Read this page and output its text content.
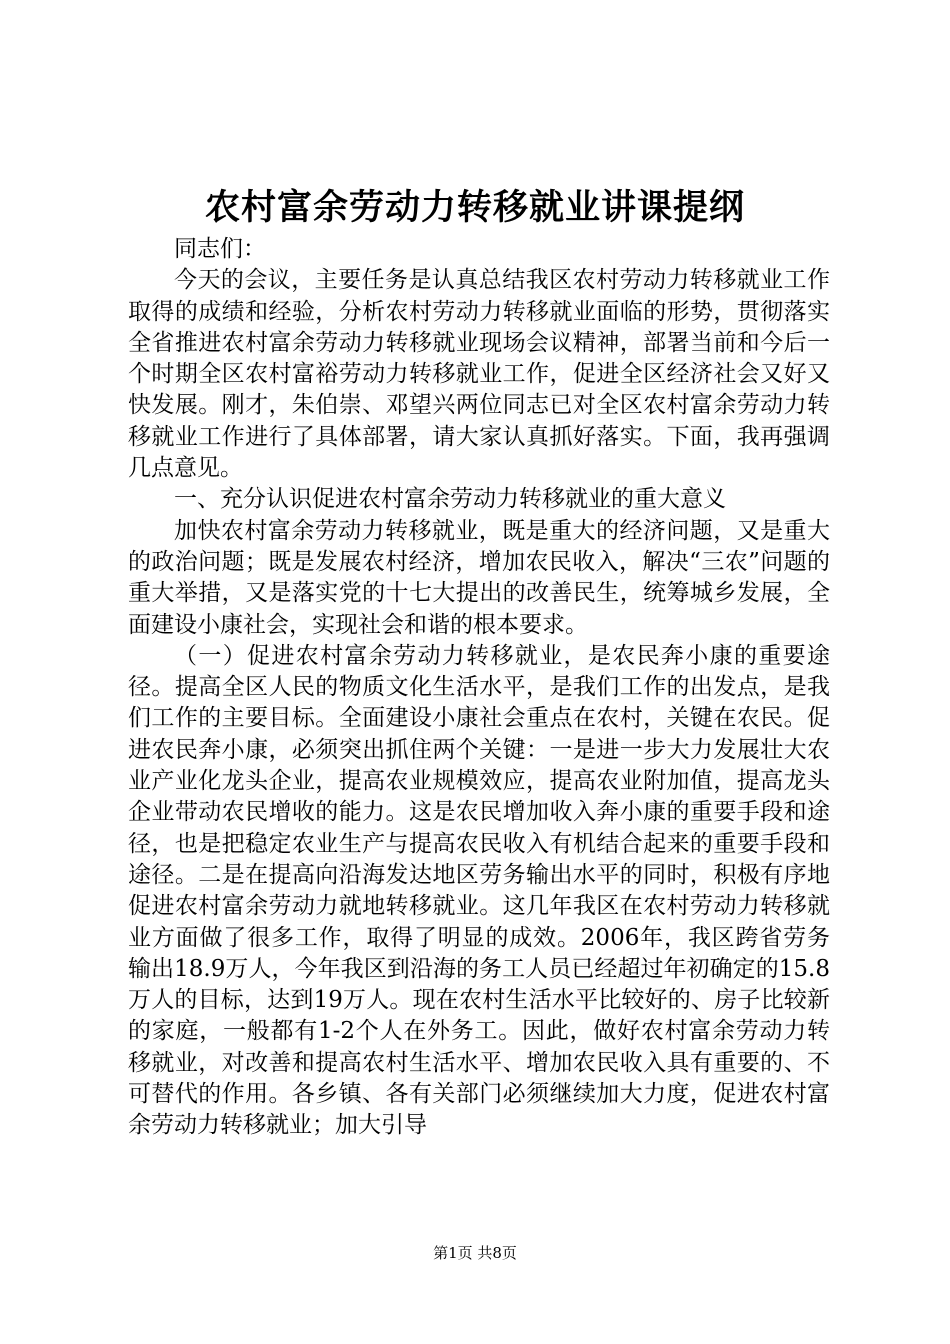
农村富余劳动力转移就业讲课提纲

同志们：

今天的会议，主要任务是认真总结我区农村劳动力转移就业工作取得的成绩和经验，分析农村劳动力转移就业面临的形势，贯彻落实全省推进农村富余劳动力转移就业现场会议精神，部署当前和今后一个时期全区农村富裕劳动力转移就业工作，促进全区经济社会又好又快发展。刚才，朱伯崇、邓望兴两位同志已对全区农村富余劳动力转移就业工作进行了具体部署，请大家认真抓好落实。下面，我再强调几点意见。

一、充分认识促进农村富余劳动力转移就业的重大意义

加快农村富余劳动力转移就业，既是重大的经济问题，又是重大的政治问题；既是发展农村经济，增加农民收入，解决“三农”问题的重大举措，又是落实党的十七大提出的改善民生，统筹城乡发展，全面建设小康社会，实现社会和谐的根本要求。

（一）促进农村富余劳动力转移就业，是农民奔小康的重要途径。提高全区人民的物质文化生活水平，是我们工作的出发点，是我们工作的主要目标。全面建设小康社会重点在农村，关键在农民。促进农民奔小康，必须突出抓住两个关键：一是进一步大力发展壮大农业产业化龙头企业，提高农业规模效应，提高农业附加值，提高龙头企业带动农民增收的能力。这是农民增加收入奔小康的重要手段和途径，也是把稳定农业生产与提高农民收入有机结合起来的重要手段和途径。二是在提高向沿海发达地区劳务输出水平的同时，积极有序地促进农村富余劳动力就地转移就业。这几年我区在农村劳动力转移就业方面做了很多工作，取得了明显的成效。2006年，我区跨省劳务输出18.9万人，今年我区到沿海的务工人员已经超过年初确定的15.8万人的目标，达到19万人。现在农村生活水平比较好的、房子比较新的家庭，一般都有1-2个人在外务工。因此，做好农村富余劳动力转移就业，对改善和提高农村生活水平、增加农民收入具有重要的、不可替代的作用。各乡镇、各有关部门必须继续加大力度，促进农村富余劳动力转移就业；加大引导

第1页 共8页
